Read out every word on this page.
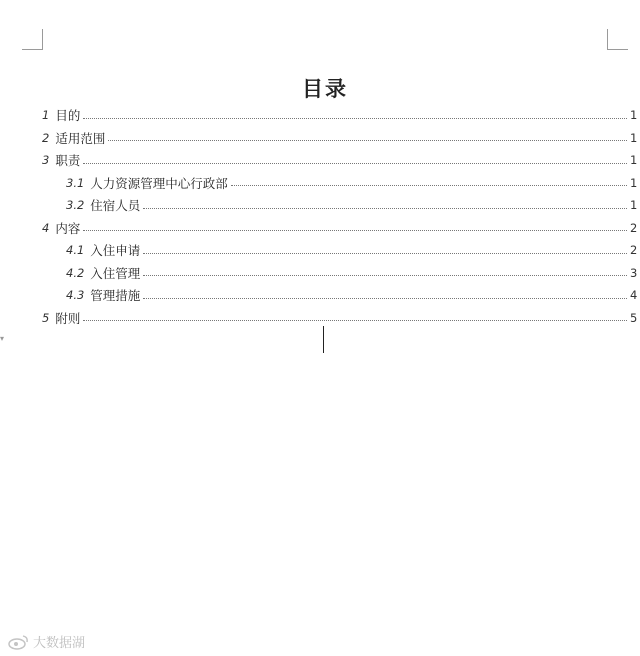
目录
1 目的	1
2 适用范围	1
3 职责	1
3.1 人力资源管理中心行政部	1
3.2 住宿人员	1
4 内容	2
4.1 入住申请	2
4.2 入住管理	3
4.3 管理措施	4
5 附则	5
▾
大数据湖
